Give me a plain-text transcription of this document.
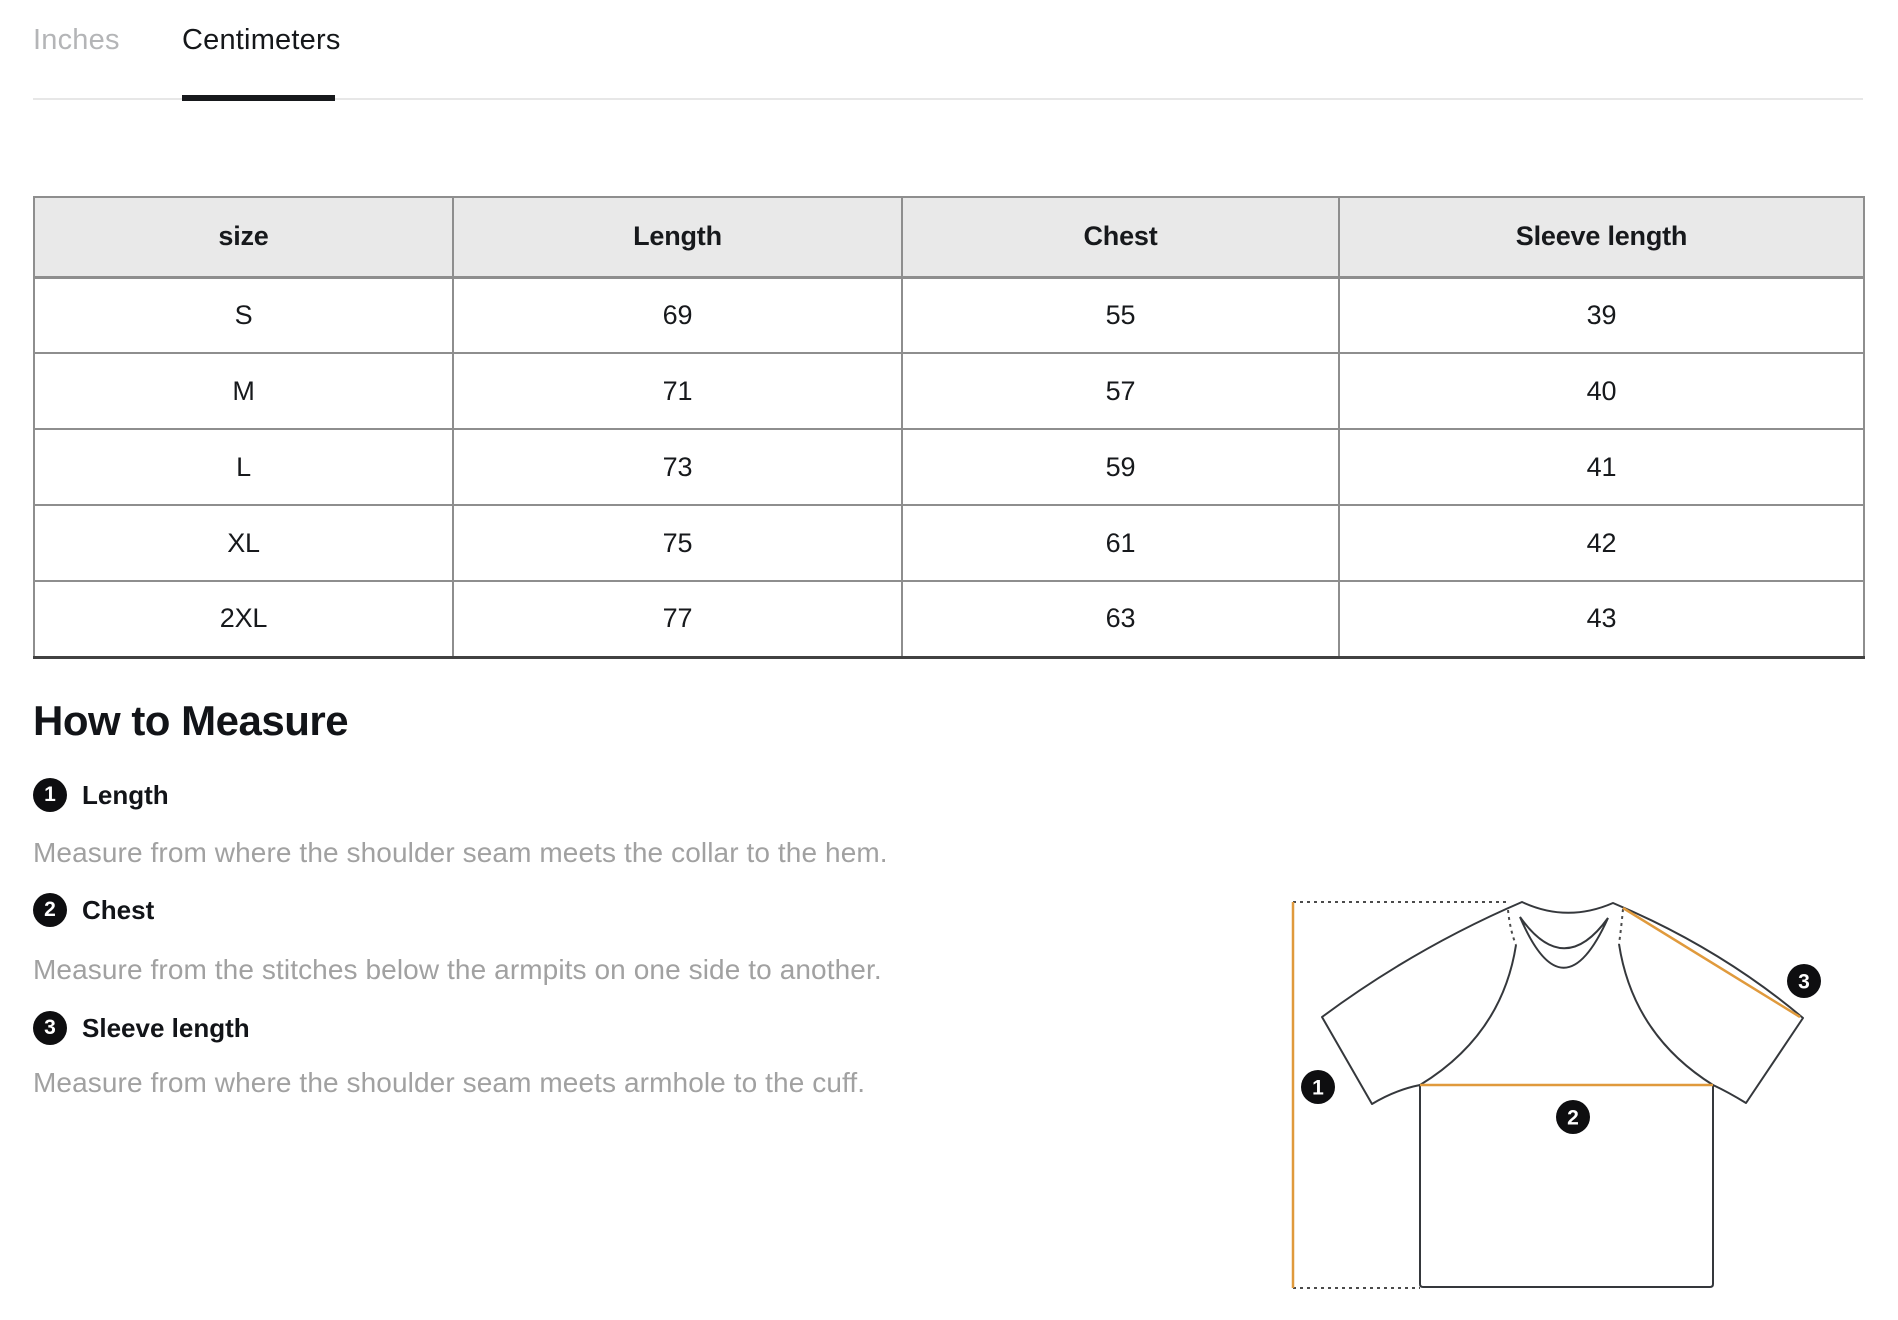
Inches Centimeters
size	Length	Chest	Sleeve length
S	69	55	39
M	71	57	40
L	73	59	41
XL	75	61	42
2XL	77	63	43
How to Measure
1	Length
Measure from where the shoulder seam meets the collar to the hem.
2	Chest
Measure from the stitches below the armpits on one side to another.
3	Sleeve length
Measure from where the shoulder seam meets armhole to the cuff.	1
2
3
